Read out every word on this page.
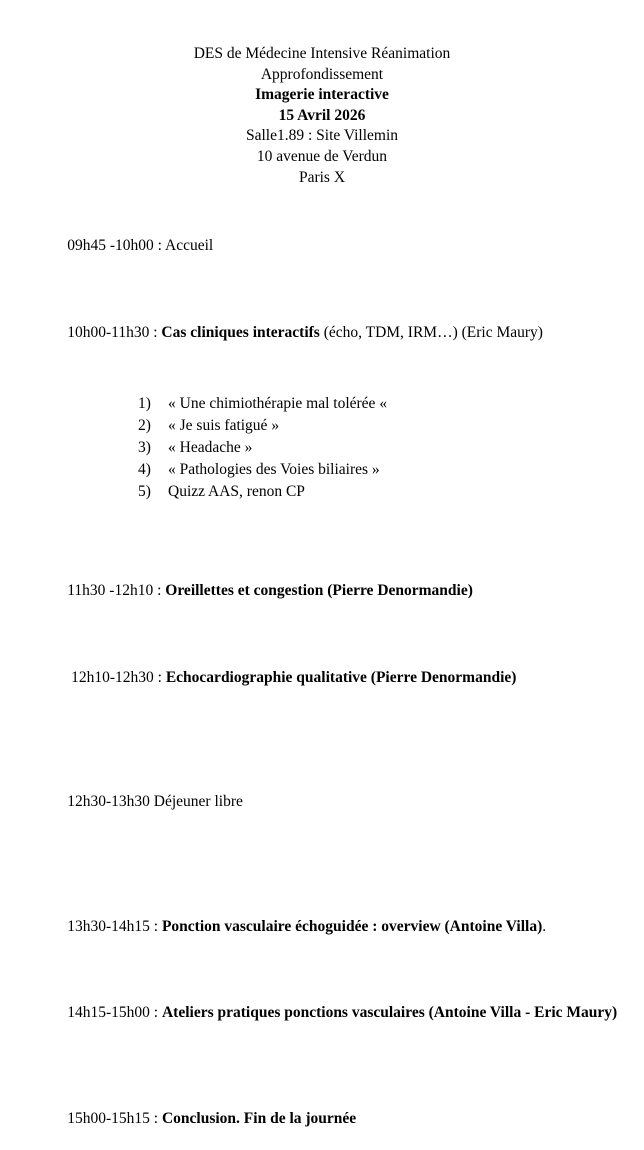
DES de Médecine Intensive Réanimation
Approfondissement
Imagerie interactive
15 Avril 2026
Salle1.89 : Site Villemin
10 avenue de Verdun
Paris X

09h45 -10h00 : Accueil

10h00-11h30 : Cas cliniques interactifs (écho, TDM, IRM…) (Eric Maury)

1)	« Une chimiothérapie mal tolérée «
2)	« Je suis fatigué »
3)	« Headache »
4)	« Pathologies des Voies biliaires »
5)	Quizz AAS, renon CP

11h30 -12h10 : Oreillettes et congestion (Pierre Denormandie)

12h10-12h30 : Echocardiographie qualitative (Pierre Denormandie)

12h30-13h30 Déjeuner libre

13h30-14h15 : Ponction vasculaire échoguidée : overview (Antoine Villa).

14h15-15h00 : Ateliers pratiques ponctions vasculaires (Antoine Villa - Eric Maury)

15h00-15h15 : Conclusion. Fin de la journée
